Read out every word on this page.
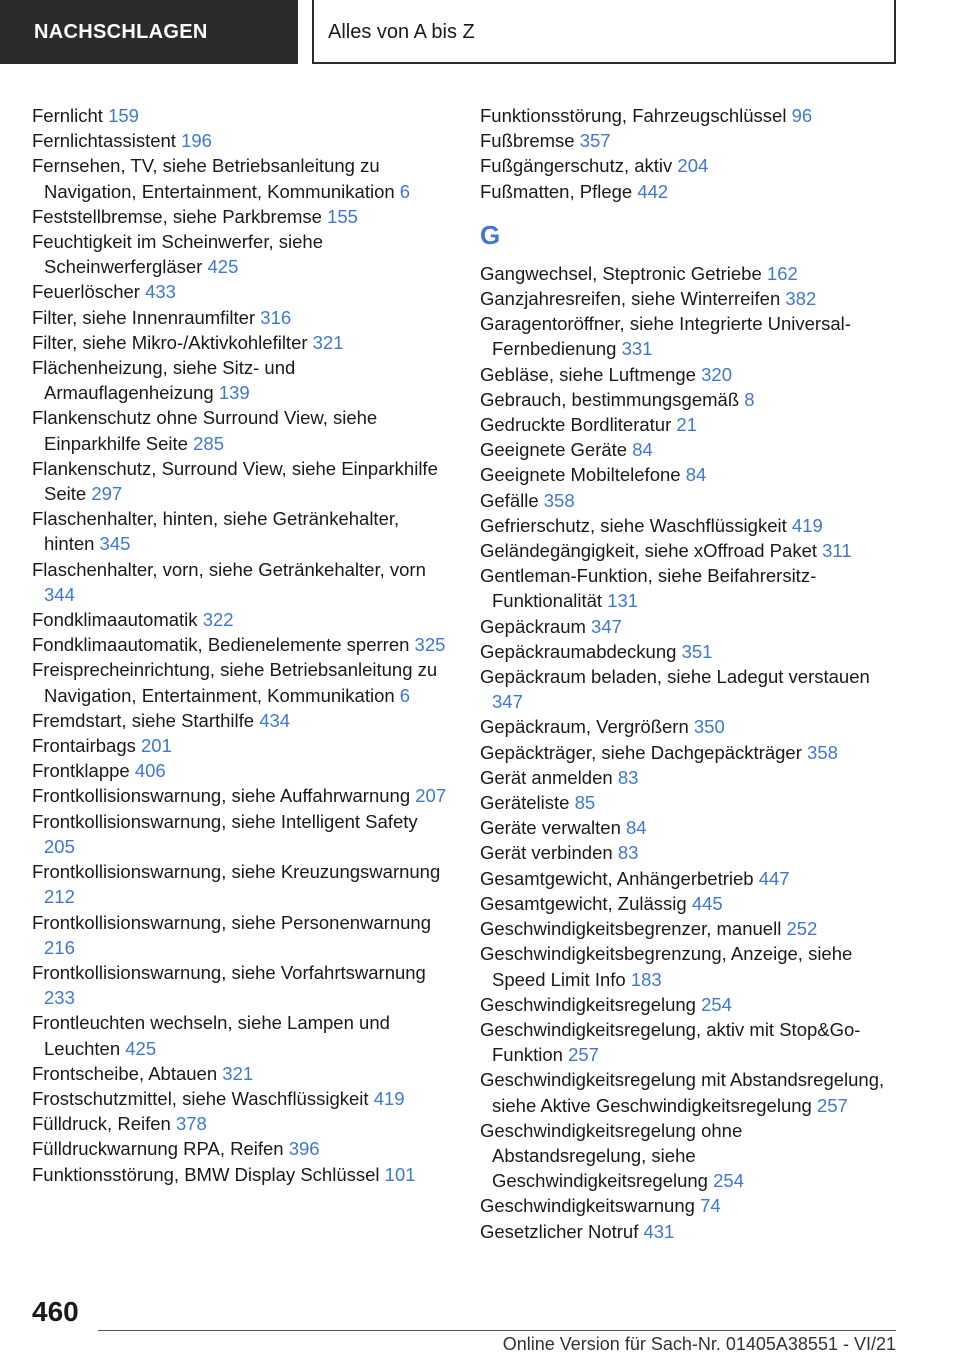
NACHSCHLAGEN	Alles von A bis Z

Fernlicht 159

Fernlichtassistent 196

Fernsehen, TV, siehe Betriebsanleitung zu Navigation, Entertainment, Kommunikation 6

Feststellbremse, siehe Parkbremse 155

Feuchtigkeit im Scheinwerfer, siehe Scheinwerfergläser 425

Feuerlöscher 433

Filter, siehe Innenraumfilter 316

Filter, siehe Mikro-/Aktivkohlefilter 321

Flächenheizung, siehe Sitz- und Armauflagenheizung 139

Flankenschutz ohne Surround View, siehe Einparkhilfe Seite 285

Flankenschutz, Surround View, siehe Einparkhilfe Seite 297

Flaschenhalter, hinten, siehe Getränkehalter, hinten 345

Flaschenhalter, vorn, siehe Getränkehalter, vorn 344

Fondklimaautomatik 322

Fondklimaautomatik, Bedienelemente sperren 325

Freisprecheinrichtung, siehe Betriebsanleitung zu Navigation, Entertainment, Kommunikation 6

Fremdstart, siehe Starthilfe 434

Frontairbags 201

Frontklappe 406

Frontkollisionswarnung, siehe Auffahrwarnung 207

Frontkollisionswarnung, siehe Intelligent Safety 205

Frontkollisionswarnung, siehe Kreuzungswarnung 212

Frontkollisionswarnung, siehe Personenwarnung 216

Frontkollisionswarnung, siehe Vorfahrtswarnung 233

Frontleuchten wechseln, siehe Lampen und Leuchten 425

Frontscheibe, Abtauen 321

Frostschutzmittel, siehe Waschflüssigkeit 419

Fülldruck, Reifen 378

Fülldruckwarnung RPA, Reifen 396

Funktionsstörung, BMW Display Schlüssel 101

Funktionsstörung, Fahrzeugschlüssel 96

Fußbremse 357

Fußgängerschutz, aktiv 204

Fußmatten, Pflege 442

G

Gangwechsel, Steptronic Getriebe 162

Ganzjahresreifen, siehe Winterreifen 382

Garagentoröffner, siehe Integrierte Universal-Fernbedienung 331

Gebläse, siehe Luftmenge 320

Gebrauch, bestimmungsgemäß 8

Gedruckte Bordliteratur 21

Geeignete Geräte 84

Geeignete Mobiltelefone 84

Gefälle 358

Gefrierschutz, siehe Waschflüssigkeit 419

Geländegängigkeit, siehe xOffroad Paket 311

Gentleman-Funktion, siehe Beifahrersitz-Funktionalität 131

Gepäckraum 347

Gepäckraumabdeckung 351

Gepäckraum beladen, siehe Ladegut verstauen 347

Gepäckraum, Vergrößern 350

Gepäckträger, siehe Dachgepäckträger 358

Gerät anmelden 83

Geräteliste 85

Geräte verwalten 84

Gerät verbinden 83

Gesamtgewicht, Anhängerbetrieb 447

Gesamtgewicht, Zulässig 445

Geschwindigkeitsbegrenzer, manuell 252

Geschwindigkeitsbegrenzung, Anzeige, siehe Speed Limit Info 183

Geschwindigkeitsregelung 254

Geschwindigkeitsregelung, aktiv mit Stop&Go-Funktion 257

Geschwindigkeitsregelung mit Abstandsregelung, siehe Aktive Geschwindigkeitsregelung 257

Geschwindigkeitsregelung ohne Abstandsregelung, siehe Geschwindigkeitsregelung 254

Geschwindigkeitswarnung 74

Gesetzlicher Notruf 431

460
Online Version für Sach-Nr. 01405A38551 - VI/21
